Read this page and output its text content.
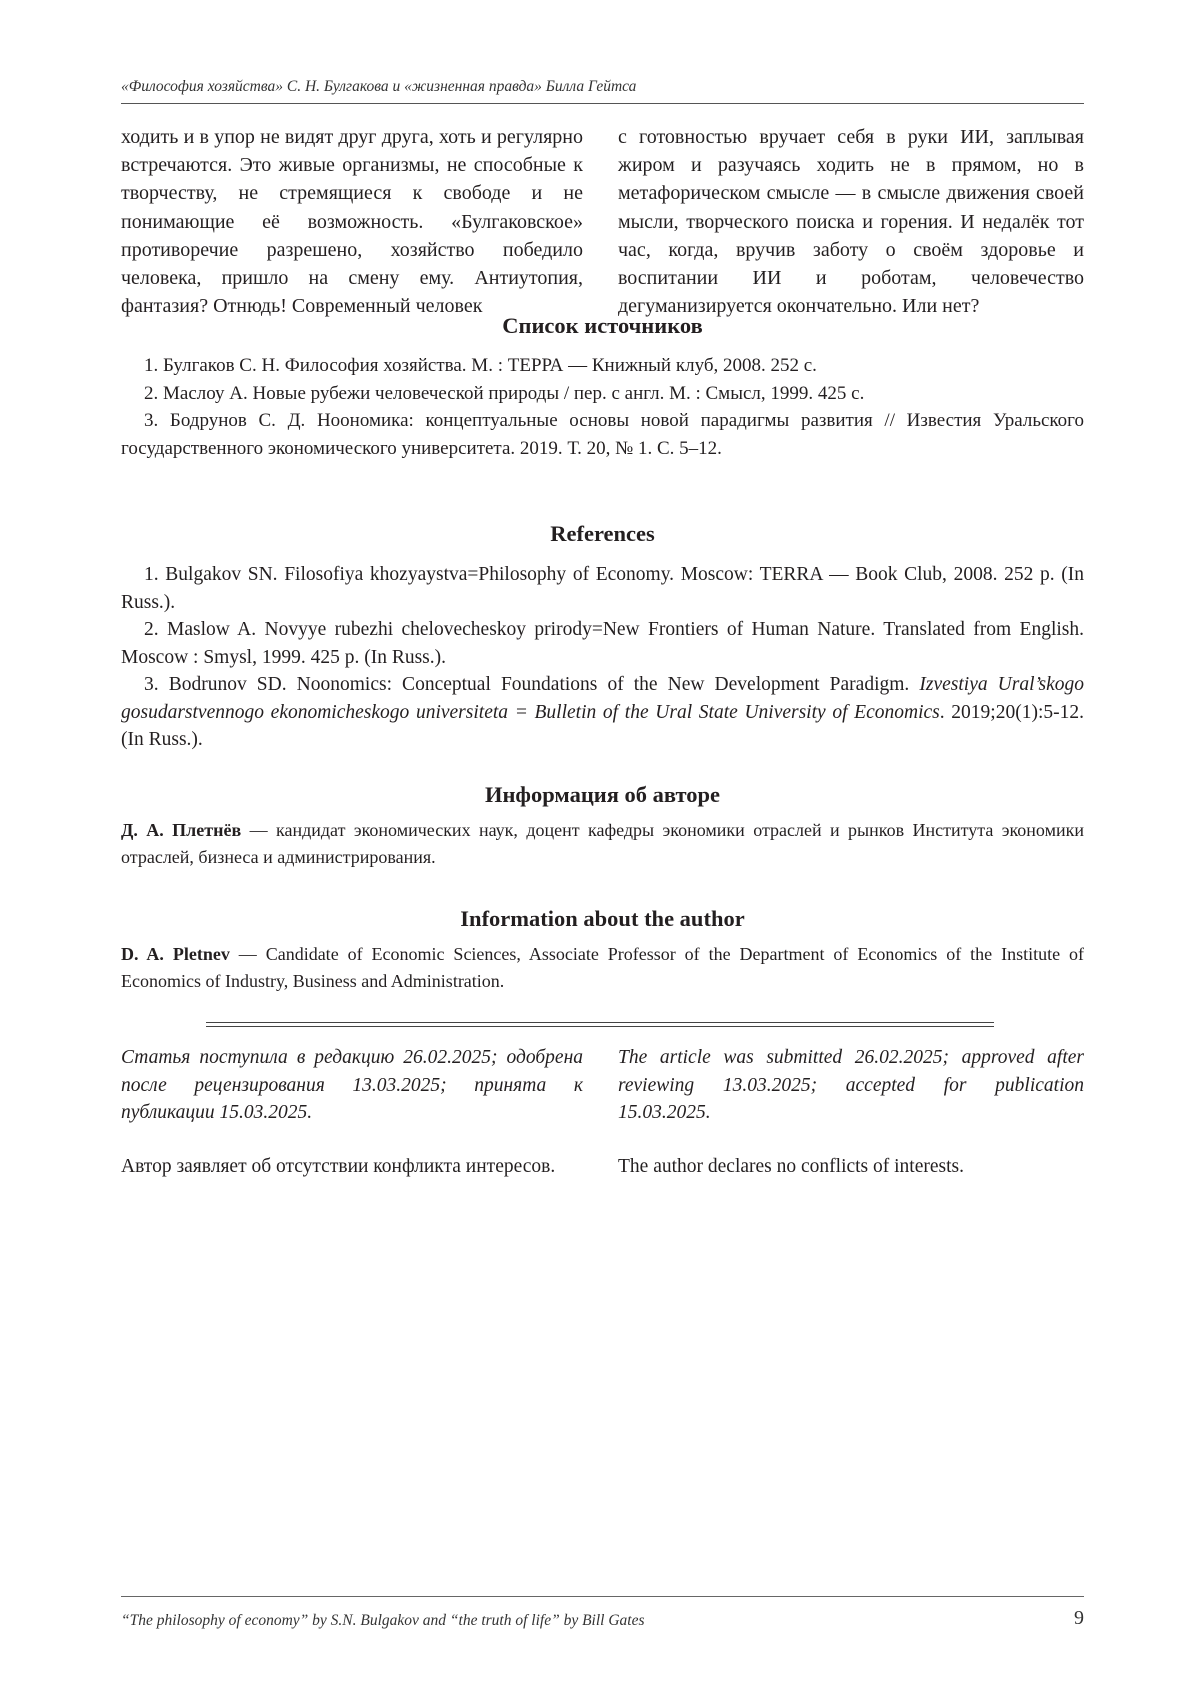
«Философия хозяйства» С. Н. Булгакова и «жизненная правда» Билла Гейтса
ходить и в упор не видят друг друга, хоть и регулярно встречаются. Это живые организмы, не способные к творчеству, не стремящиеся к свободе и не понимающие её возможность. «Булгаковское» противоречие разрешено, хозяйство победило человека, пришло на смену ему. Антиутопия, фантазия? Отнюдь! Современный человек
с готовностью вручает себя в руки ИИ, заплывая жиром и разучаясь ходить не в прямом, но в метафорическом смысле — в смысле движения своей мысли, творческого поиска и горения. И недалёк тот час, когда, вручив заботу о своём здоровье и воспитании ИИ и роботам, человечество дегуманизируется окончательно. Или нет?
Список источников

1. Булгаков С. Н. Философия хозяйства. М. : ТЕРРА — Книжный клуб, 2008. 252 с.

2. Маслоу А. Новые рубежи человеческой природы / пер. с англ. М. : Смысл, 1999. 425 с.

3. Бодрунов С. Д. Ноономика: концептуальные основы новой парадигмы развития // Известия Уральского государственного экономического университета. 2019. Т. 20, № 1. С. 5–12.

References

1. Bulgakov SN. Filosofiya khozyaystva=Philosophy of Economy. Moscow: TERRA — Book Club, 2008. 252 p. (In Russ.).

2. Maslow A. Novyye rubezhi chelovecheskoy prirody=New Frontiers of Human Nature. Translated from English. Moscow : Smysl, 1999. 425 p. (In Russ.).

3. Bodrunov SD. Noonomics: Conceptual Foundations of the New Development Paradigm. Izvestiya Ural’skogo gosudarstvennogo ekonomicheskogo universiteta = Bulletin of the Ural State University of Economics. 2019;20(1):5-12. (In Russ.).

Информация об авторе
Д. А. Плетнёв — кандидат экономических наук, доцент кафедры экономики отраслей и рынков Института экономики отраслей, бизнеса и администрирования.
Information about the author
D. A. Pletnev — Candidate of Economic Sciences, Associate Professor of the Department of Economics of the Institute of Economics of Industry, Business and Administration.
Статья поступила в редакцию 26.02.2025; одобрена после рецензирования 13.03.2025; принята к публикации 15.03.2025.
The article was submitted 26.02.2025; approved after reviewing 13.03.2025; accepted for publication 15.03.2025.
Автор заявляет об отсутствии конфликта интересов.	The author declares no conflicts of interests.
“The philosophy of economy” by S.N. Bulgakov and “the truth of life” by Bill Gates	9
